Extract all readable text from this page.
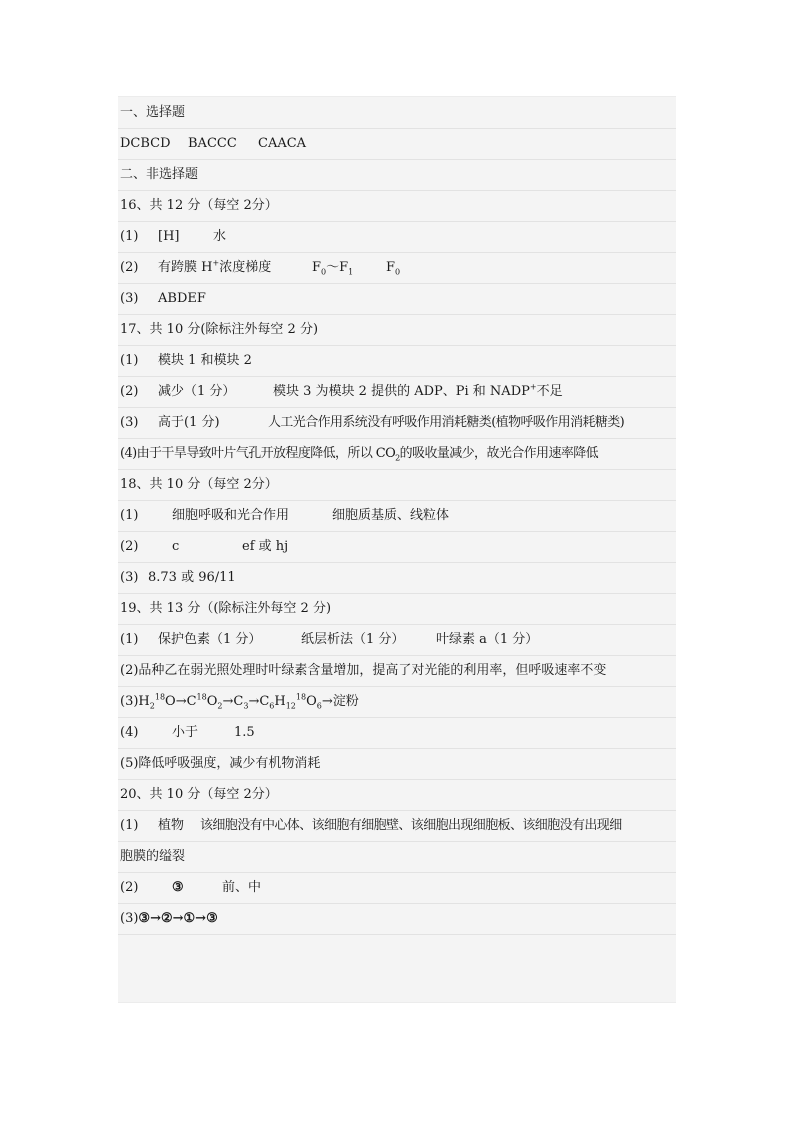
一、选择题
DCBCD BACCC CAACA
二、非选择题
16、共 12 分（每空 2分）
(1) [H]	水
(2) 有跨膜 H+浓度梯度	$F_0\sim F_1$	$F_0$
(3) ABDEF
17、共 10 分(除标注外每空 2 分)
(1) 模块 1 和模块 2
(2) 减少（1 分）	模块 3 为模块 2 提供的 ADP、Pi 和 NADP+不足
(3) 高于(1 分)	人工光合作用系统没有呼吸作用消耗糖类(植物呼吸作用消耗糖类)
(4)由于干旱导致叶片气孔开放程度降低，所以 $CO_2$的吸收量减少，故光合作用速率降低
18、共 10 分（每空 2分）
(1)	细胞呼吸和光合作用	细胞质基质、线粒体
(2)	c	ef 或 hj
(3) 8.73 或 96/11
19、共 13 分（(除标注外每空 2 分)
(1) 保护色素（1 分）	纸层析法（1 分） 叶绿素 a（1 分）
(2)品种乙在弱光照处理时叶绿素含量增加，提高了对光能的利用率，但呼吸速率不变
$(3)H_2^{18}O\to C^{18}O_2\to C_3\to C_6H_{12}^{18}O_6\to$淀粉
(4)	小于	1.5
(5)降低呼吸强度，减少有机物消耗
20、共 10 分（每空 2分）
(1) 植物 该细胞没有中心体、该细胞有细胞壁、该细胞出现细胞板、该细胞没有出现细
胞膜的缢裂
(2)	③	前、中
(3)③→②→①→③
